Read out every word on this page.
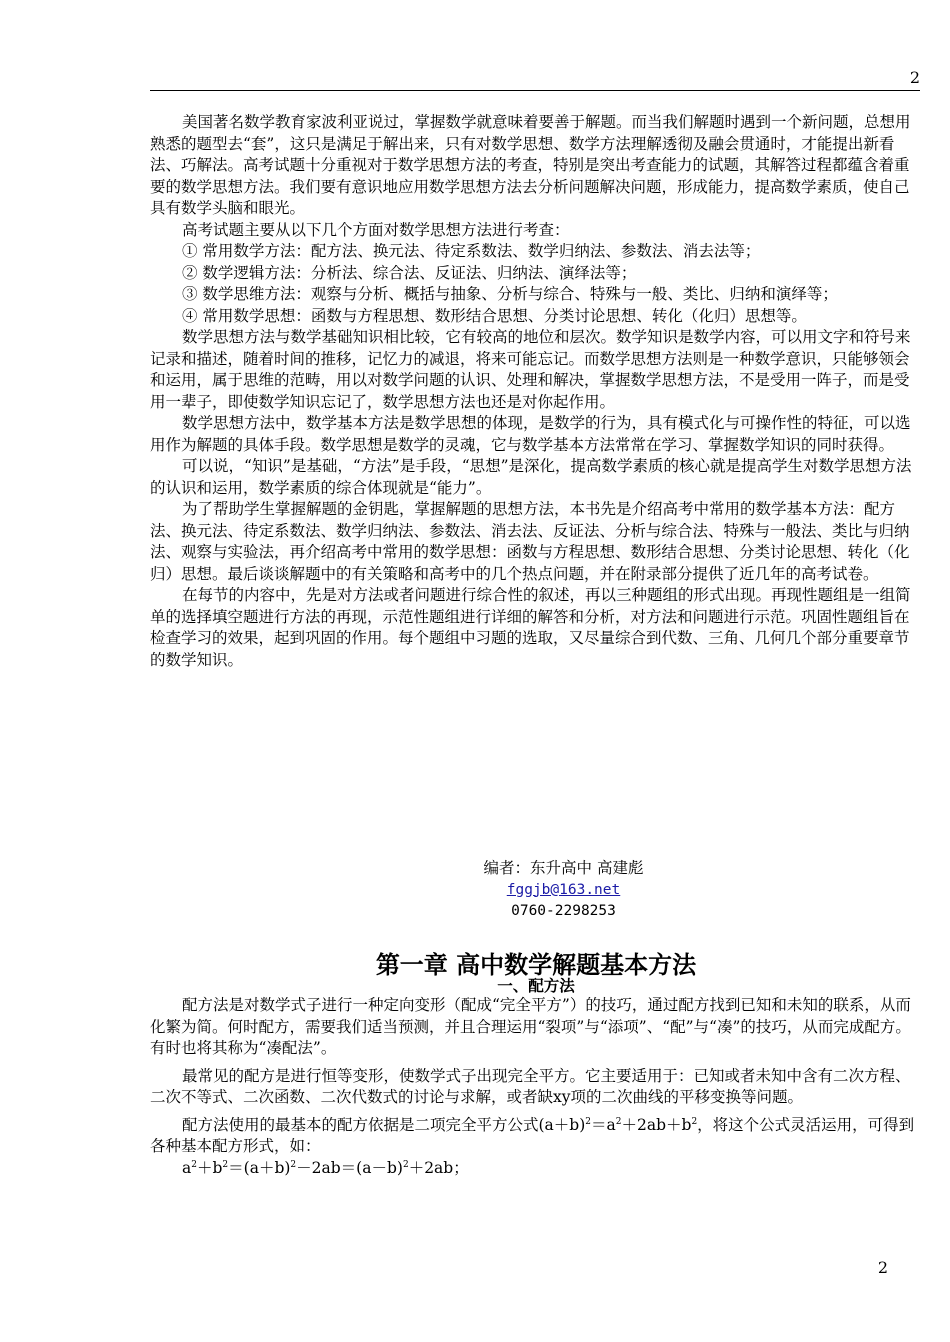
2

美国著名数学教育家波利亚说过，掌握数学就意味着要善于解题。而当我们解题时遇到一个新问题，总想用熟悉的题型去“套”，这只是满足于解出来，只有对数学思想、数学方法理解透彻及融会贯通时，才能提出新看法、巧解法。高考试题十分重视对于数学思想方法的考查，特别是突出考查能力的试题，其解答过程都蕴含着重要的数学思想方法。我们要有意识地应用数学思想方法去分析问题解决问题，形成能力，提高数学素质，使自己具有数学头脑和眼光。

高考试题主要从以下几个方面对数学思想方法进行考查：

① 常用数学方法：配方法、换元法、待定系数法、数学归纳法、参数法、消去法等；

② 数学逻辑方法：分析法、综合法、反证法、归纳法、演绎法等；

③ 数学思维方法：观察与分析、概括与抽象、分析与综合、特殊与一般、类比、归纳和演绎等；

④ 常用数学思想：函数与方程思想、数形结合思想、分类讨论思想、转化（化归）思想等。

数学思想方法与数学基础知识相比较，它有较高的地位和层次。数学知识是数学内容，可以用文字和符号来记录和描述，随着时间的推移，记忆力的减退，将来可能忘记。而数学思想方法则是一种数学意识，只能够领会和运用，属于思维的范畴，用以对数学问题的认识、处理和解决，掌握数学思想方法，不是受用一阵子，而是受用一辈子，即使数学知识忘记了，数学思想方法也还是对你起作用。

数学思想方法中，数学基本方法是数学思想的体现，是数学的行为，具有模式化与可操作性的特征，可以选用作为解题的具体手段。数学思想是数学的灵魂，它与数学基本方法常常在学习、掌握数学知识的同时获得。

可以说，“知识”是基础，“方法”是手段，“思想”是深化，提高数学素质的核心就是提高学生对数学思想方法的认识和运用，数学素质的综合体现就是“能力”。

为了帮助学生掌握解题的金钥匙，掌握解题的思想方法，本书先是介绍高考中常用的数学基本方法：配方法、换元法、待定系数法、数学归纳法、参数法、消去法、反证法、分析与综合法、特殊与一般法、类比与归纳法、观察与实验法，再介绍高考中常用的数学思想：函数与方程思想、数形结合思想、分类讨论思想、转化（化归）思想。最后谈谈解题中的有关策略和高考中的几个热点问题，并在附录部分提供了近几年的高考试卷。

在每节的内容中，先是对方法或者问题进行综合性的叙述，再以三种题组的形式出现。再现性题组是一组简单的选择填空题进行方法的再现，示范性题组进行详细的解答和分析，对方法和问题进行示范。巩固性题组旨在检查学习的效果，起到巩固的作用。每个题组中习题的选取，又尽量综合到代数、三角、几何几个部分重要章节的数学知识。

编者：东升高中 高建彪
fggjb@163.net
0760-2298253
第一章 高中数学解题基本方法
一、配方法

配方法是对数学式子进行一种定向变形（配成“完全平方”）的技巧，通过配方找到已知和未知的联系，从而化繁为简。何时配方，需要我们适当预测，并且合理运用“裂项”与“添项”、“配”与“凑”的技巧，从而完成配方。有时也将其称为“凑配法”。

最常见的配方是进行恒等变形，使数学式子出现完全平方。它主要适用于：已知或者未知中含有二次方程、二次不等式、二次函数、二次代数式的讨论与求解，或者缺xy项的二次曲线的平移变换等问题。

配方法使用的最基本的配方依据是二项完全平方公式$(a+b)^2=a^2+2ab+b^2$，将这个公式灵活运用，可得到各种基本配方形式，如：

$a^2+b^2=(a+b)^2-2ab=(a-b)^2+2ab$；

2
